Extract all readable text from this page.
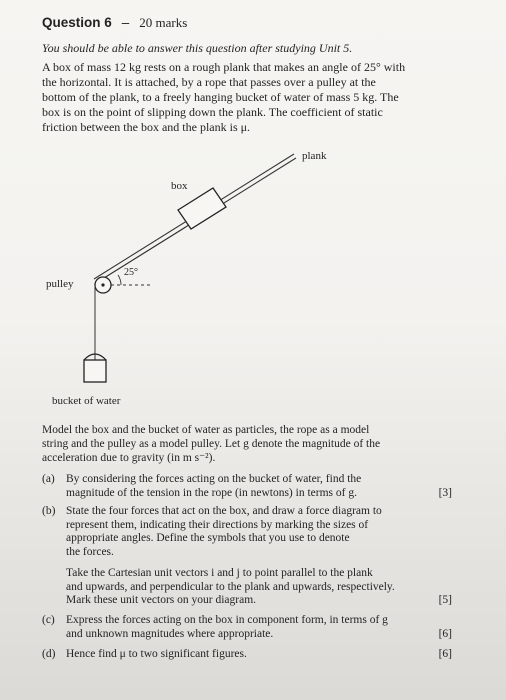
Question 6 – 20 marks
You should be able to answer this question after studying Unit 5.
A box of mass 12 kg rests on a rough plank that makes an angle of 25° with
the horizontal. It is attached, by a rope that passes over a pulley at the
bottom of the plank, to a freely hanging bucket of water of mass 5 kg. The
box is on the point of slipping down the plank. The coefficient of static
friction between the box and the plank is μ.
plank
box
25°
pulley
bucket of water
Model the box and the bucket of water as particles, the rope as a model
string and the pulley as a model pulley. Let g denote the magnitude of the
acceleration due to gravity (in m s⁻²).
(a) By considering the forces acting on the bucket of water, find the
magnitude of the tension in the rope (in newtons) in terms of g.	[3]
(b) State the four forces that act on the box, and draw a force diagram to
represent them, indicating their directions by marking the sizes of
appropriate angles. Define the symbols that you use to denote
the forces.
Take the Cartesian unit vectors i and j to point parallel to the plank
and upwards, and perpendicular to the plank and upwards, respectively.
Mark these unit vectors on your diagram.	[5]
(c) Express the forces acting on the box in component form, in terms of g
and unknown magnitudes where appropriate.	[6]
(d) Hence find μ to two significant figures.	[6]
